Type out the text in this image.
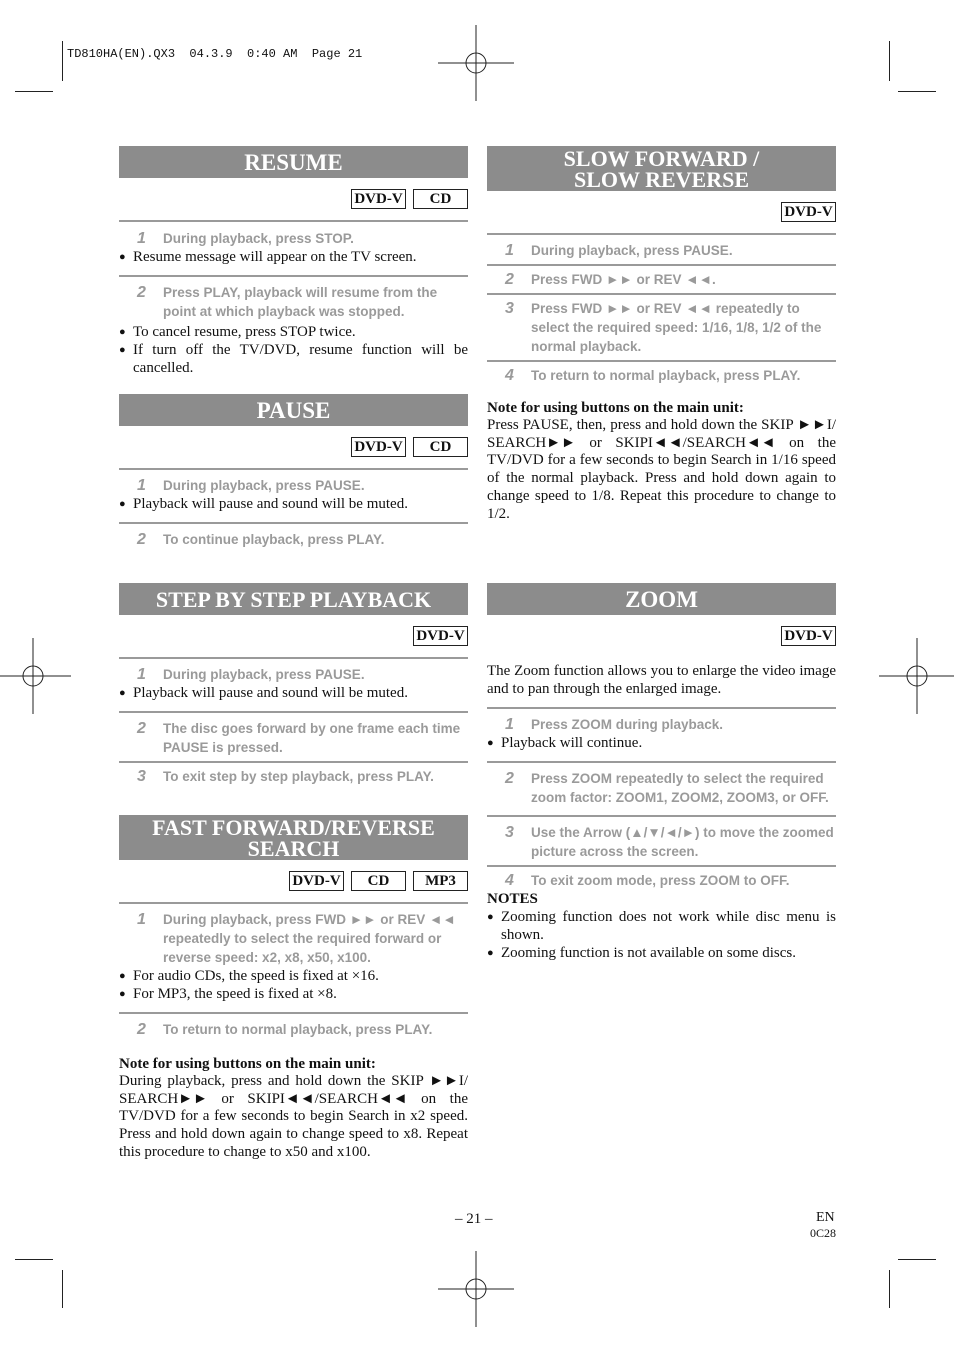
TD810HA(EN).QX3  04.3.9  0:40 AM  Page 21
RESUME
DVD-V	CD
1	During playback, press STOP.
● Resume message will appear on the TV screen.
2	Press PLAY, playback will resume from the point at which playback was stopped.
● To cancel resume, press STOP twice.
● If turn off the TV/DVD, resume function will be cancelled.
PAUSE
DVD-V	CD
1	During playback, press PAUSE.
● Playback will pause and sound will be muted.
2	To continue playback, press PLAY.
STEP BY STEP PLAYBACK
DVD-V
1	During playback, press PAUSE.
● Playback will pause and sound will be muted.
2	The disc goes forward by one frame each time PAUSE is pressed.
3	To exit step by step playback, press PLAY.
FAST FORWARD/REVERSE
SEARCH
DVD-V	CD	MP3
1	During playback, press FWD ►► or REV ◄◄ repeatedly to select the required forward or reverse speed: x2, x8, x50, x100.
● For audio CDs, the speed is fixed at ×16.
● For MP3, the speed is fixed at ×8.
2	To return to normal playback, press PLAY.
Note for using buttons on the main unit:
During playback, press and hold down the SKIP ►►I/ SEARCH►► or SKIPI◄◄/SEARCH◄◄ on the TV/DVD for a few seconds to begin Search in x2 speed. Press and hold down again to change speed to x8. Repeat this procedure to change to x50 and x100.
SLOW FORWARD /
SLOW REVERSE
DVD-V
1	During playback, press PAUSE.
2	Press FWD ►► or REV ◄◄.
3	Press FWD ►► or REV ◄◄ repeatedly to select the required speed: 1/16, 1/8, 1/2 of the normal playback.
4	To return to normal playback, press PLAY.
Note for using buttons on the main unit:
Press PAUSE, then, press and hold down the SKIP ►►I/ SEARCH►► or SKIPI◄◄/SEARCH◄◄ on the TV/DVD for a few seconds to begin Search in 1/16 speed of the normal playback. Press and hold down again to change speed to 1/8. Repeat this procedure to change to 1/2.
ZOOM
DVD-V
The Zoom function allows you to enlarge the video image and to pan through the enlarged image.
1	Press ZOOM during playback.
● Playback will continue.
2	Press ZOOM repeatedly to select the required zoom factor: ZOOM1, ZOOM2, ZOOM3, or OFF.
3	Use the Arrow (▲/▼/◄/►) to move the zoomed picture across the screen.
4	To exit zoom mode, press ZOOM to OFF.
NOTES
● Zooming function does not work while disc menu is shown.
● Zooming function is not available on some discs.
– 21 –	EN
0C28
